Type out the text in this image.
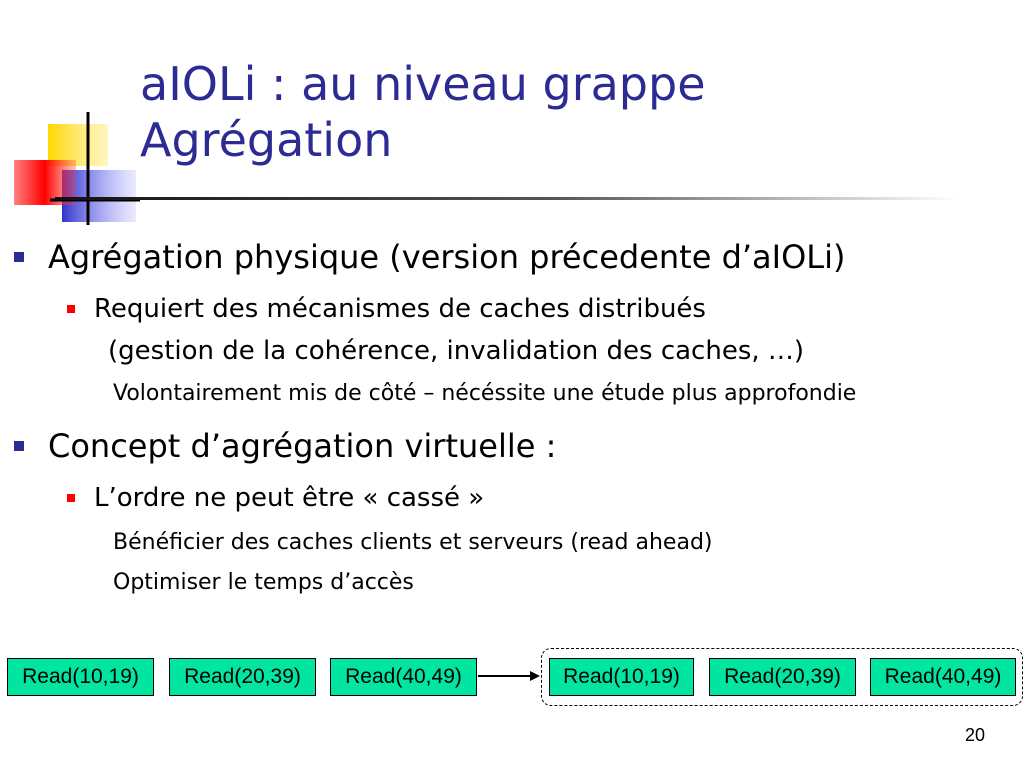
aIOLi : au niveau grappe
Agrégation
Agrégation physique (version précedente d’aIOLi)
Requiert des mécanismes de caches distribués
(gestion de la cohérence, invalidation des caches, …)
Volontairement mis de côté – nécéssite une étude plus approfondie
Concept d’agrégation virtuelle :
L’ordre ne peut être « cassé »
Bénéficier des caches clients et serveurs (read ahead)
Optimiser le temps d’accès
Read(10,19)	Read(20,39)	Read(40,49)	Read(10,19)	Read(20,39)	Read(40,49)
20
